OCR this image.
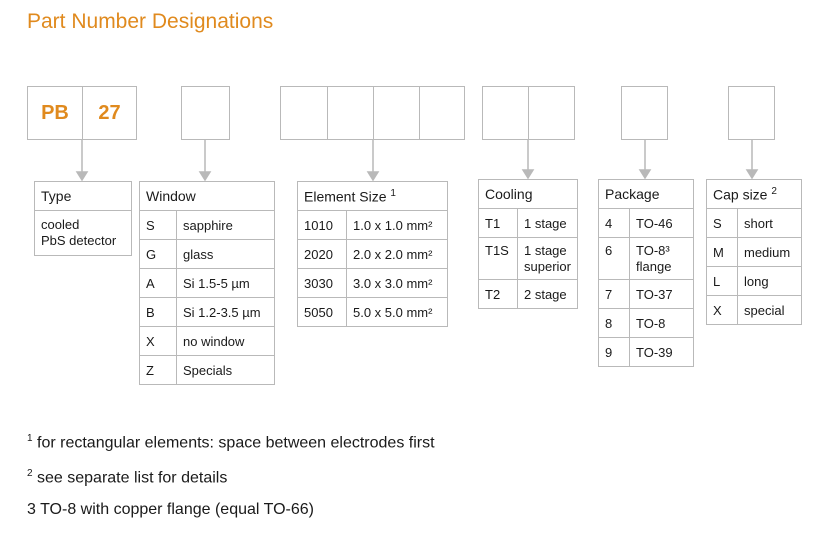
Part Number Designations
PB	27
Type

cooled
PbS detector
Window	
S	sapphire
G	glass
A	Si 1.5-5 µm
B	Si 1.2-3.5 µm
X	no window
Z	Specials
Element Size $^1$
1010	1.0 x 1.0 mm²
2020	2.0 x 2.0 mm²
3030	3.0 x 3.0 mm²
5050	5.0 x 5.0 mm²
Cooling	
T1	1 stage
T1S	1 stage
superior

T2	2 stage
Package	
4	TO-46
6	TO-8³
flange

7	TO-37
8	TO-8
9	TO-39
Cap size $^2$
S	short
M	medium
L	long
X	special
$^1$ for rectangular elements: space between electrodes first
$^2$ see separate list for details
3 TO-8 with copper flange (equal TO-66)
